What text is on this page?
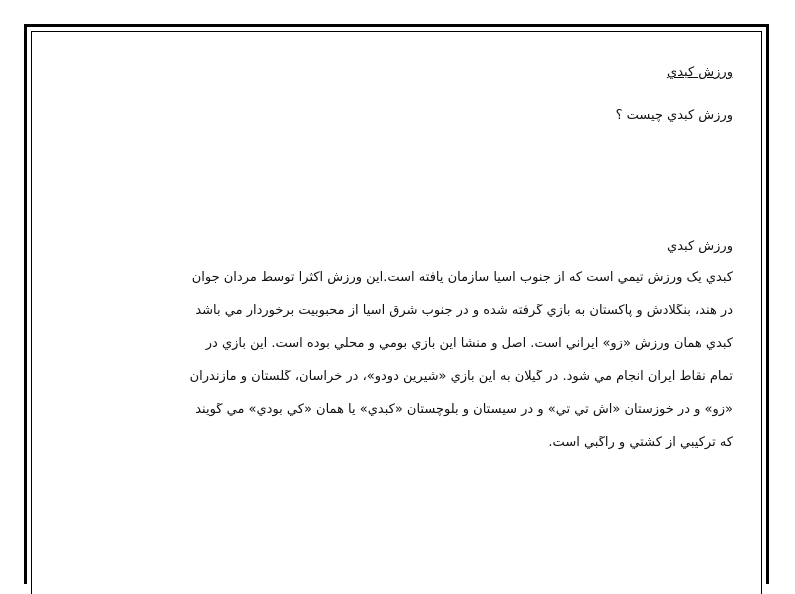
ورزش كبدي
ورزش كبدي چيست ؟
ورزش كبدي
كبدي يک ورزش تيمي است که از جنوب آسيا سازمان يافته است.اين ورزش اكثراً توسط مردان جوان
در هند، بنگلادش و پاكستان به بازي گرفته شده و در جنوب شرق آسيا از محبوبيت برخوردار مي باشد
كبدي همان ورزش «زو» ايراني است. اصل و منشأ اين بازي بومي و محلي بوده است. اين بازي در
تمام نقاط ايران انجام مي شود. در گيلان به اين بازي «شيرين دودو»، در خراسان، گلستان و مازندران
«زو» و در خوزستان «اش تي تي» و در سيستان و بلوچستان «كبدي» يا همان «كي بودي» مي گويند
كه تركيبي از كشتي و راگبي است.
